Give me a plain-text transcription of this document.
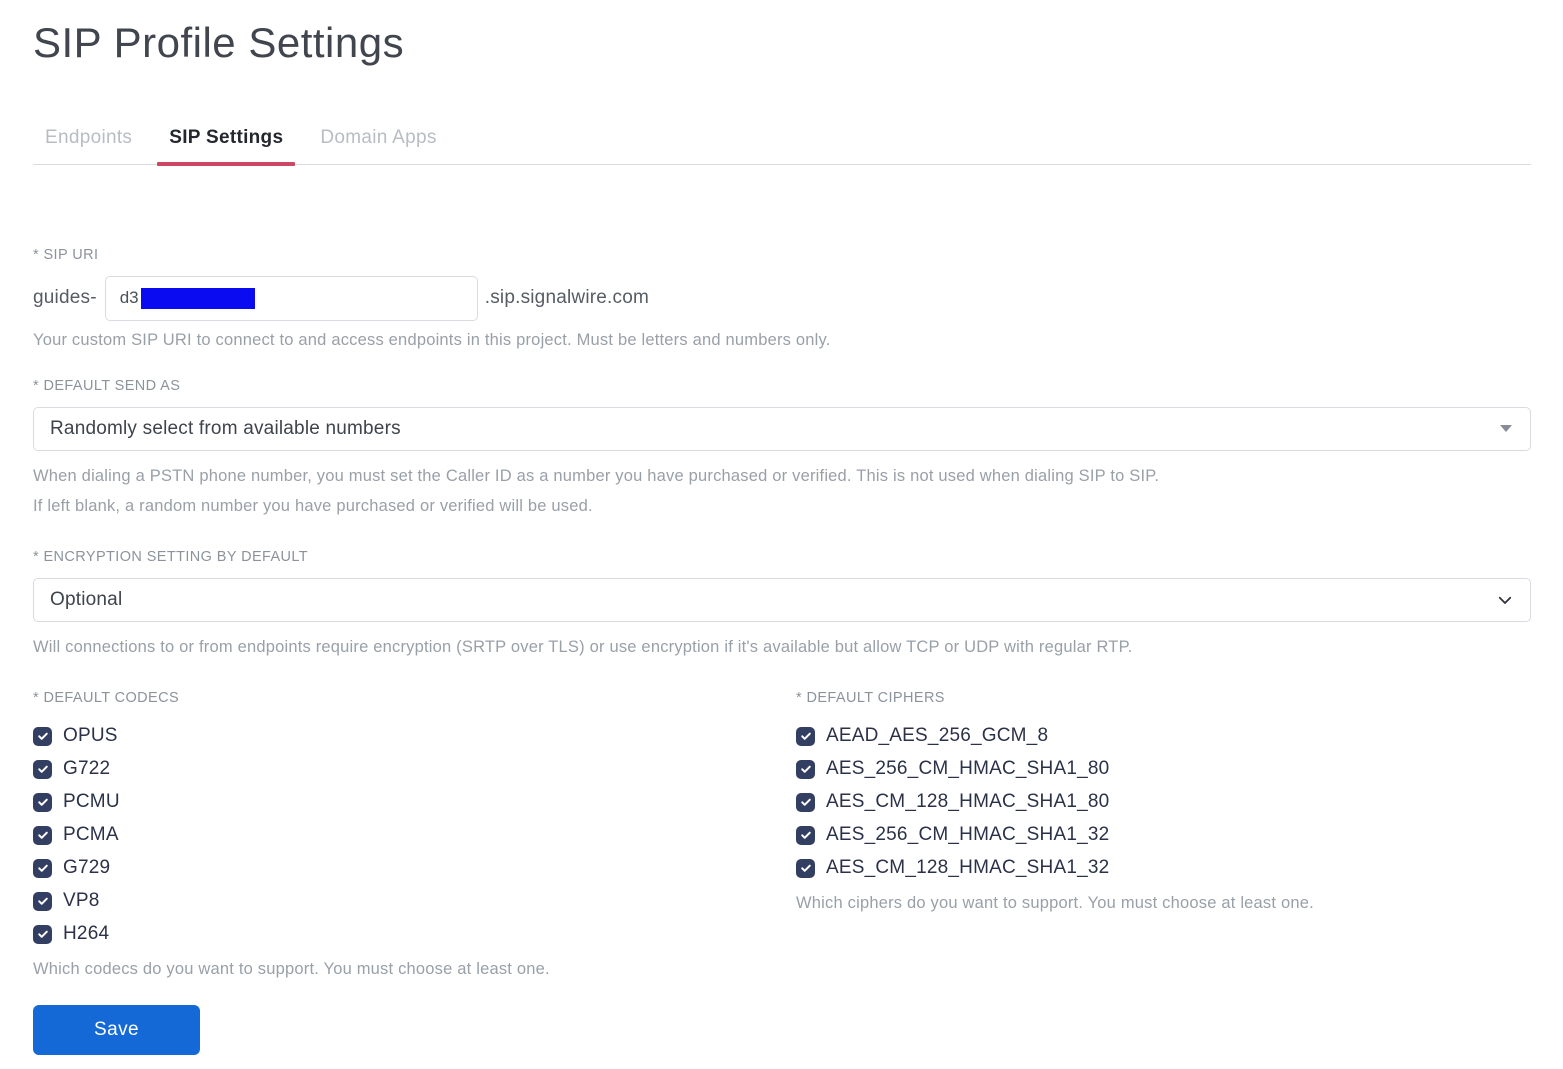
SIP Profile Settings
Endpoints	SIP Settings	Domain Apps
* SIP URI
guides- d3	.sip.signalwire.com
Your custom SIP URI to connect to and access endpoints in this project. Must be letters and numbers only.
* DEFAULT SEND AS
Randomly select from available numbers
When dialing a PSTN phone number, you must set the Caller ID as a number you have purchased or verified. This is not used when dialing SIP to SIP.
If left blank, a random number you have purchased or verified will be used.
* ENCRYPTION SETTING BY DEFAULT
Optional
Will connections to or from endpoints require encryption (SRTP over TLS) or use encryption if it's available but allow TCP or UDP with regular RTP.
* DEFAULT CODECS
OPUS
G722
PCMU
PCMA
G729
VP8
H264
Which codecs do you want to support. You must choose at least one.
* DEFAULT CIPHERS
AEAD_AES_256_GCM_8
AES_256_CM_HMAC_SHA1_80
AES_CM_128_HMAC_SHA1_80
AES_256_CM_HMAC_SHA1_32
AES_CM_128_HMAC_SHA1_32
Which ciphers do you want to support. You must choose at least one.
Save
